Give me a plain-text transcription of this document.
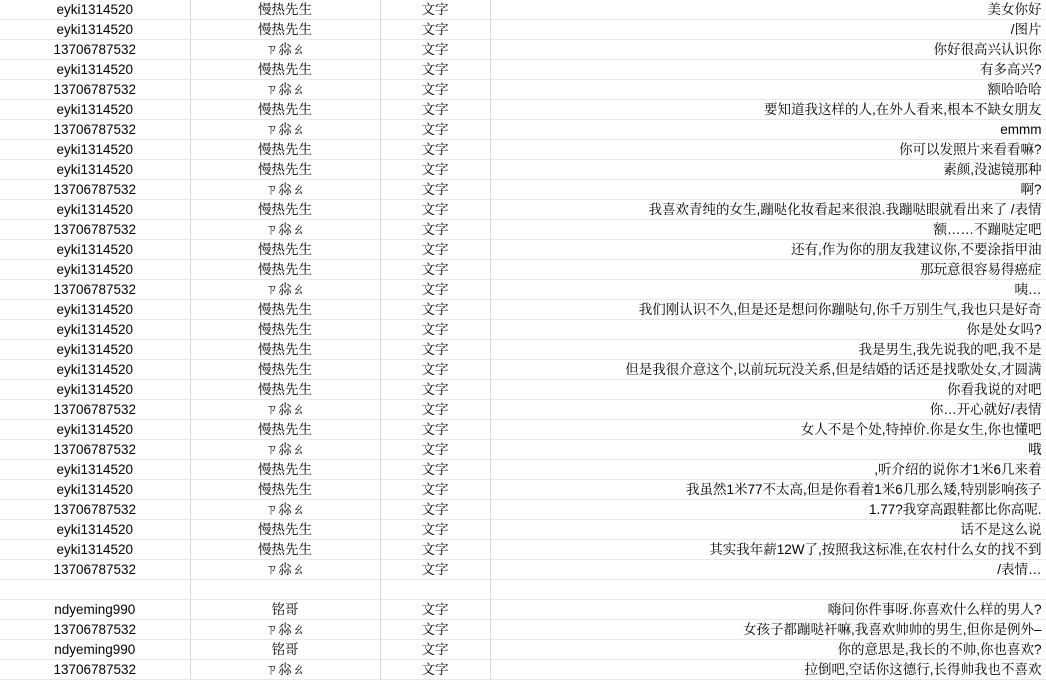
eyki1314520	慢热先生	文字	美女你好
eyki1314520	慢热先生	文字	/图片
13706787532	ㄗ尛ㄠ	文字	你好很高兴认识你
eyki1314520	慢热先生	文字	有多高兴?
13706787532	ㄗ尛ㄠ	文字	额哈哈哈
eyki1314520	慢热先生	文字	要知道我这样的人,在外人看来,根本不缺女朋友
13706787532	ㄗ尛ㄠ	文字	emmm
eyki1314520	慢热先生	文字	你可以发照片来看看嘛?
eyki1314520	慢热先生	文字	素颜,没滤镜那种
13706787532	ㄗ尛ㄠ	文字	啊?
eyki1314520	慢热先生	文字	我喜欢青纯的女生,蹦哒化妆看起来很浪.我蹦哒眼就看出来了 /表情
13706787532	ㄗ尛ㄠ	文字	额……不蹦哒定吧
eyki1314520	慢热先生	文字	还有,作为你的朋友我建议你,不要涂指甲油
eyki1314520	慢热先生	文字	那玩意很容易得癌症
13706787532	ㄗ尛ㄠ	文字	咦…
eyki1314520	慢热先生	文字	我们刚认识不久,但是还是想问你蹦哒句,你千万别生气,我也只是好奇
eyki1314520	慢热先生	文字	你是处女吗?
eyki1314520	慢热先生	文字	我是男生,我先说我的吧,我不是
eyki1314520	慢热先生	文字	但是我很介意这个,以前玩玩没关系,但是结婚的话还是找歌处女,才圆满
eyki1314520	慢热先生	文字	你看我说的对吧
13706787532	ㄗ尛ㄠ	文字	你…开心就好/表情
eyki1314520	慢热先生	文字	女人不是个处,特掉价.你是女生,你也懂吧
13706787532	ㄗ尛ㄠ	文字	哦
eyki1314520	慢热先生	文字	,听介绍的说你才1米6几来着
eyki1314520	慢热先生	文字	我虽然1米77不太高,但是你看着1米6几那么矮,特别影响孩子
13706787532	ㄗ尛ㄠ	文字	1.77?我穿高跟鞋都比你高呢.
eyki1314520	慢热先生	文字	话不是这么说
eyki1314520	慢热先生	文字	其实我年薪12W了,按照我这标准,在农村什么女的找不到
13706787532	ㄗ尛ㄠ	文字	/表情…

ndyeming990	铭哥	文字	嗨问你件事呀.你喜欢什么样的男人?
13706787532	ㄗ尛ㄠ	文字	女孩子都蹦哒衦嘛,我喜欢帅帅的男生,但你是例外–
ndyeming990	铭哥	文字	你的意思是,我长的不帅,你也喜欢?
13706787532	ㄗ尛ㄠ	文字	拉倒吧,空话你这德行,长得帅我也不喜欢
